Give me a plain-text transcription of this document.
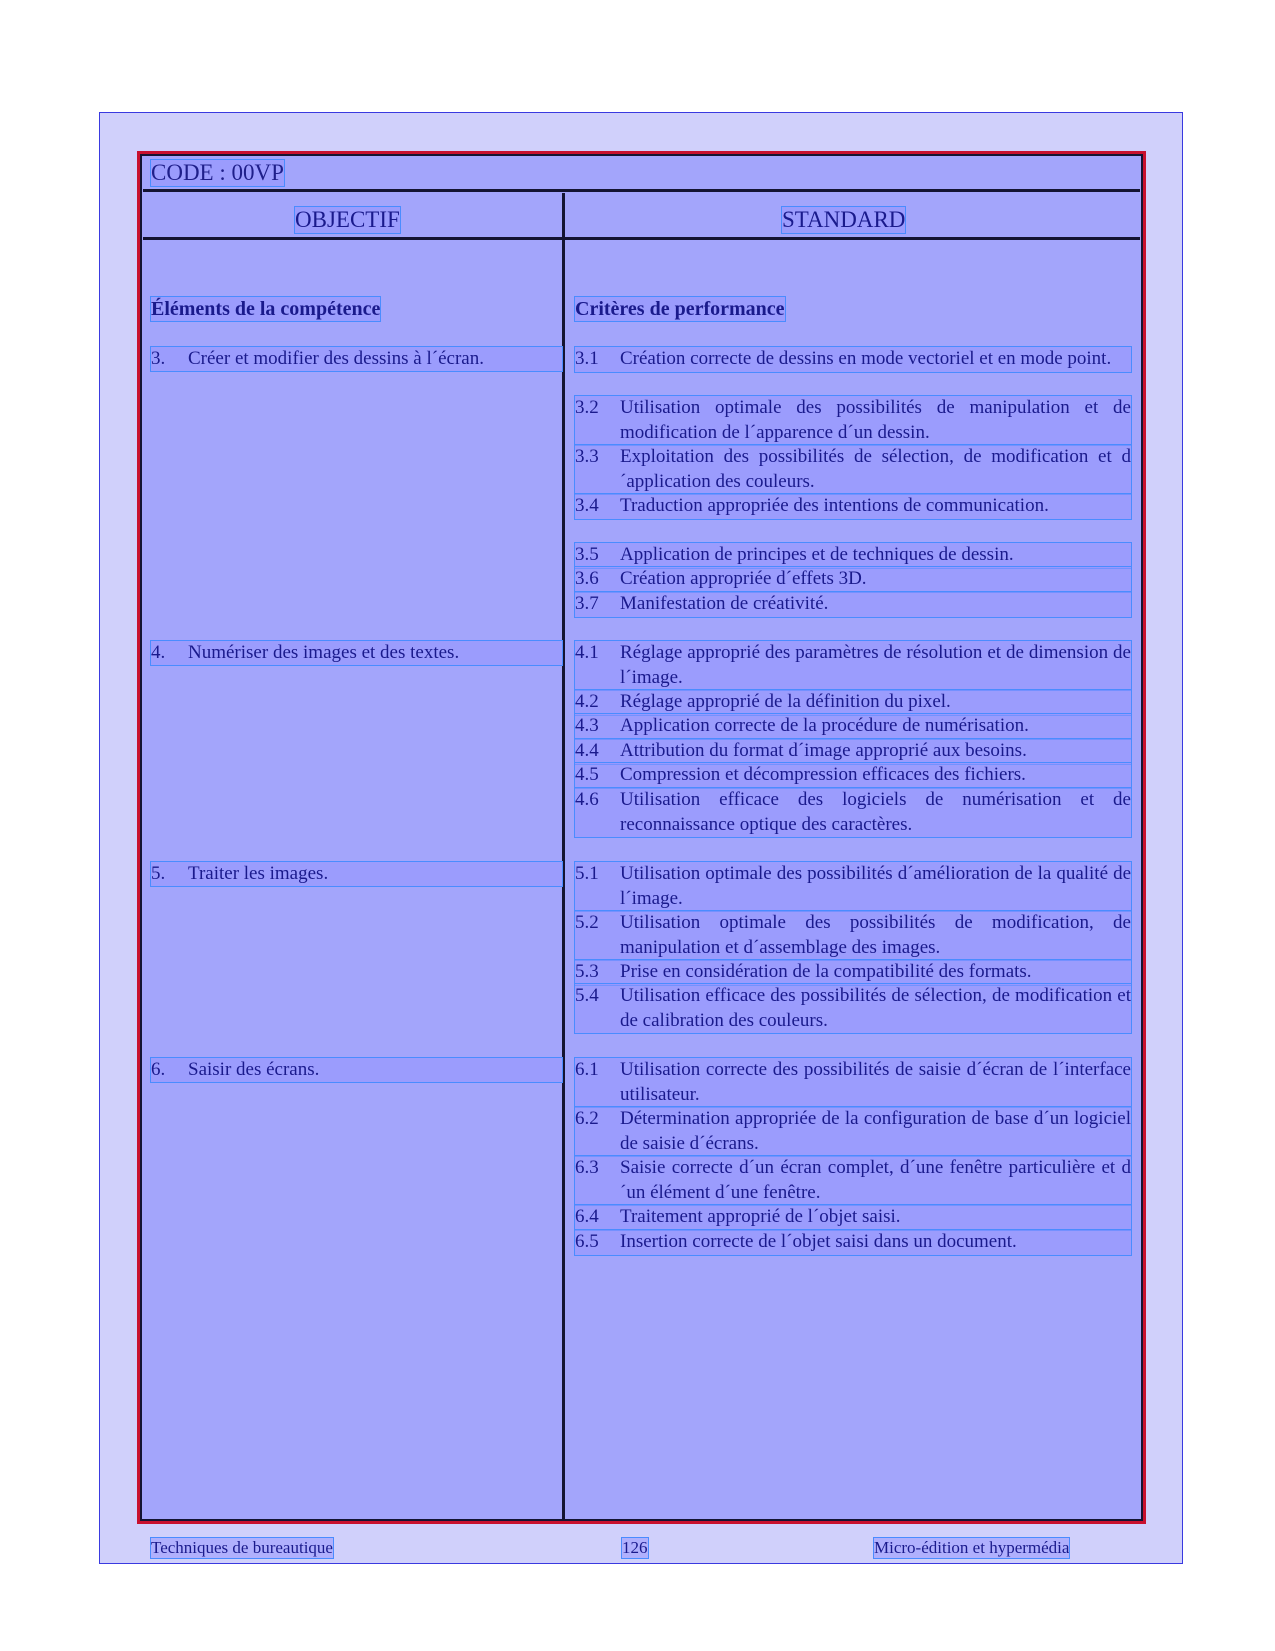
CODE : 00VP
OBJECTIF	STANDARD
Éléments de la compétence	Critères de performance
3.	Créer et modifier des dessins à l´écran.	3.1	Création correcte de dessins en mode vectoriel et en mode point.
3.2	Utilisation optimale des possibilités de manipulation et de modification de l´apparence d´un dessin.
3.3	Exploitation des possibilités de sélection, de modification et d´application des couleurs.
3.4	Traduction appropriée des intentions de communication.
3.5	Application de principes et de techniques de dessin.
3.6	Création appropriée d´effets 3D.
3.7	Manifestation de créativité.
4.	Numériser des images et des textes.	4.1	Réglage approprié des paramètres de résolution et de dimension de l´image.
4.2	Réglage approprié de la définition du pixel.
4.3	Application correcte de la procédure de numérisation.
4.4	Attribution du format d´image approprié aux besoins.
4.5	Compression et décompression efficaces des fichiers.
4.6	Utilisation efficace des logiciels de numérisation et de reconnaissance optique des caractères.
5.	Traiter les images.	5.1	Utilisation optimale des possibilités d´amélioration de la qualité de l´image.
5.2	Utilisation optimale des possibilités de modification, de manipulation et d´assemblage des images.
5.3	Prise en considération de la compatibilité des formats.
5.4	Utilisation efficace des possibilités de sélection, de modification et de calibration des couleurs.
6.	Saisir des écrans.	6.1	Utilisation correcte des possibilités de saisie d´écran de l´interface utilisateur.
6.2	Détermination appropriée de la configuration de base d´un logiciel de saisie d´écrans.
6.3	Saisie correcte d´un écran complet, d´une fenêtre particulière et d´un élément d´une fenêtre.
6.4	Traitement approprié de l´objet saisi.
6.5	Insertion correcte de l´objet saisi dans un document.
Techniques de bureautique	126	Micro-édition et hypermédia
